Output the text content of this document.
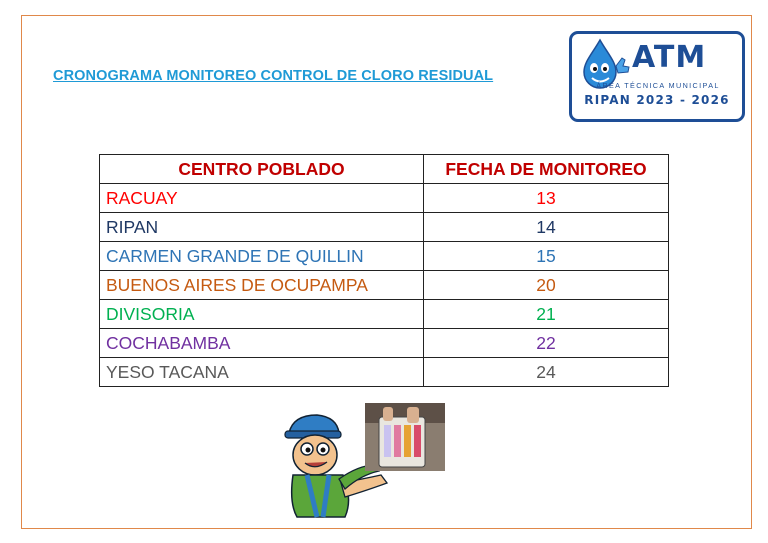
CRONOGRAMA MONITOREO CONTROL DE CLORO RESIDUAL
ATM
ÁREA TÉCNICA MUNICIPAL
RIPAN 2023 - 2026
CENTRO POBLADO	FECHA DE MONITOREO
RACUAY	13
RIPAN	14
CARMEN GRANDE DE QUILLIN	15
BUENOS AIRES DE OCUPAMPA	20
DIVISORIA	21
COCHABAMBA	22
YESO TACANA	24
